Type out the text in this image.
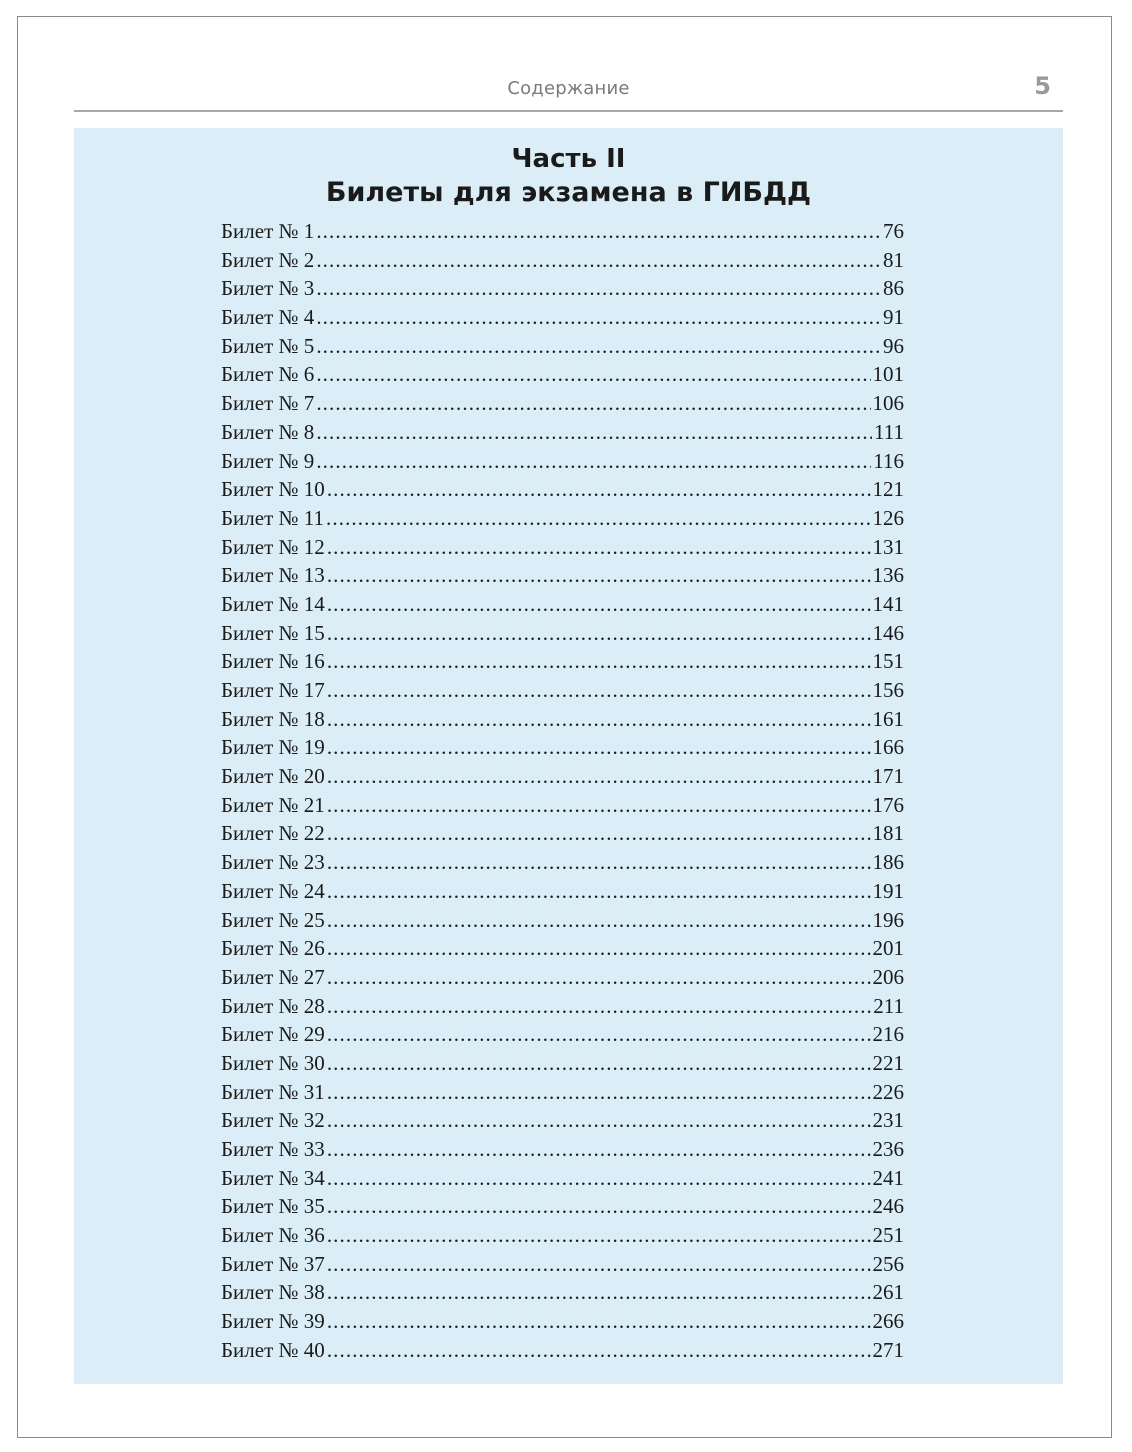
Содержание	5
Часть II
Билеты для экзамена в ГИБДД
Билет № 1 .....	76
Билет № 2 .....	81
Билет № 3 .....	86
Билет № 4 .....	91
Билет № 5 .....	96
Билет № 6 .....	101
Билет № 7 .....	106
Билет № 8 .....	111
Билет № 9 .....	116
Билет № 10 .....	121
Билет № 11 .....	126
Билет № 12 .....	131
Билет № 13 .....	136
Билет № 14 .....	141
Билет № 15 .....	146
Билет № 16 .....	151
Билет № 17 .....	156
Билет № 18 .....	161
Билет № 19 .....	166
Билет № 20 .....	171
Билет № 21 .....	176
Билет № 22 .....	181
Билет № 23 .....	186
Билет № 24 .....	191
Билет № 25 .....	196
Билет № 26 .....	201
Билет № 27 .....	206
Билет № 28 .....	211
Билет № 29 .....	216
Билет № 30 .....	221
Билет № 31 .....	226
Билет № 32 .....	231
Билет № 33 .....	236
Билет № 34 .....	241
Билет № 35 .....	246
Билет № 36 .....	251
Билет № 37 .....	256
Билет № 38 .....	261
Билет № 39 .....	266
Билет № 40 .....	271
